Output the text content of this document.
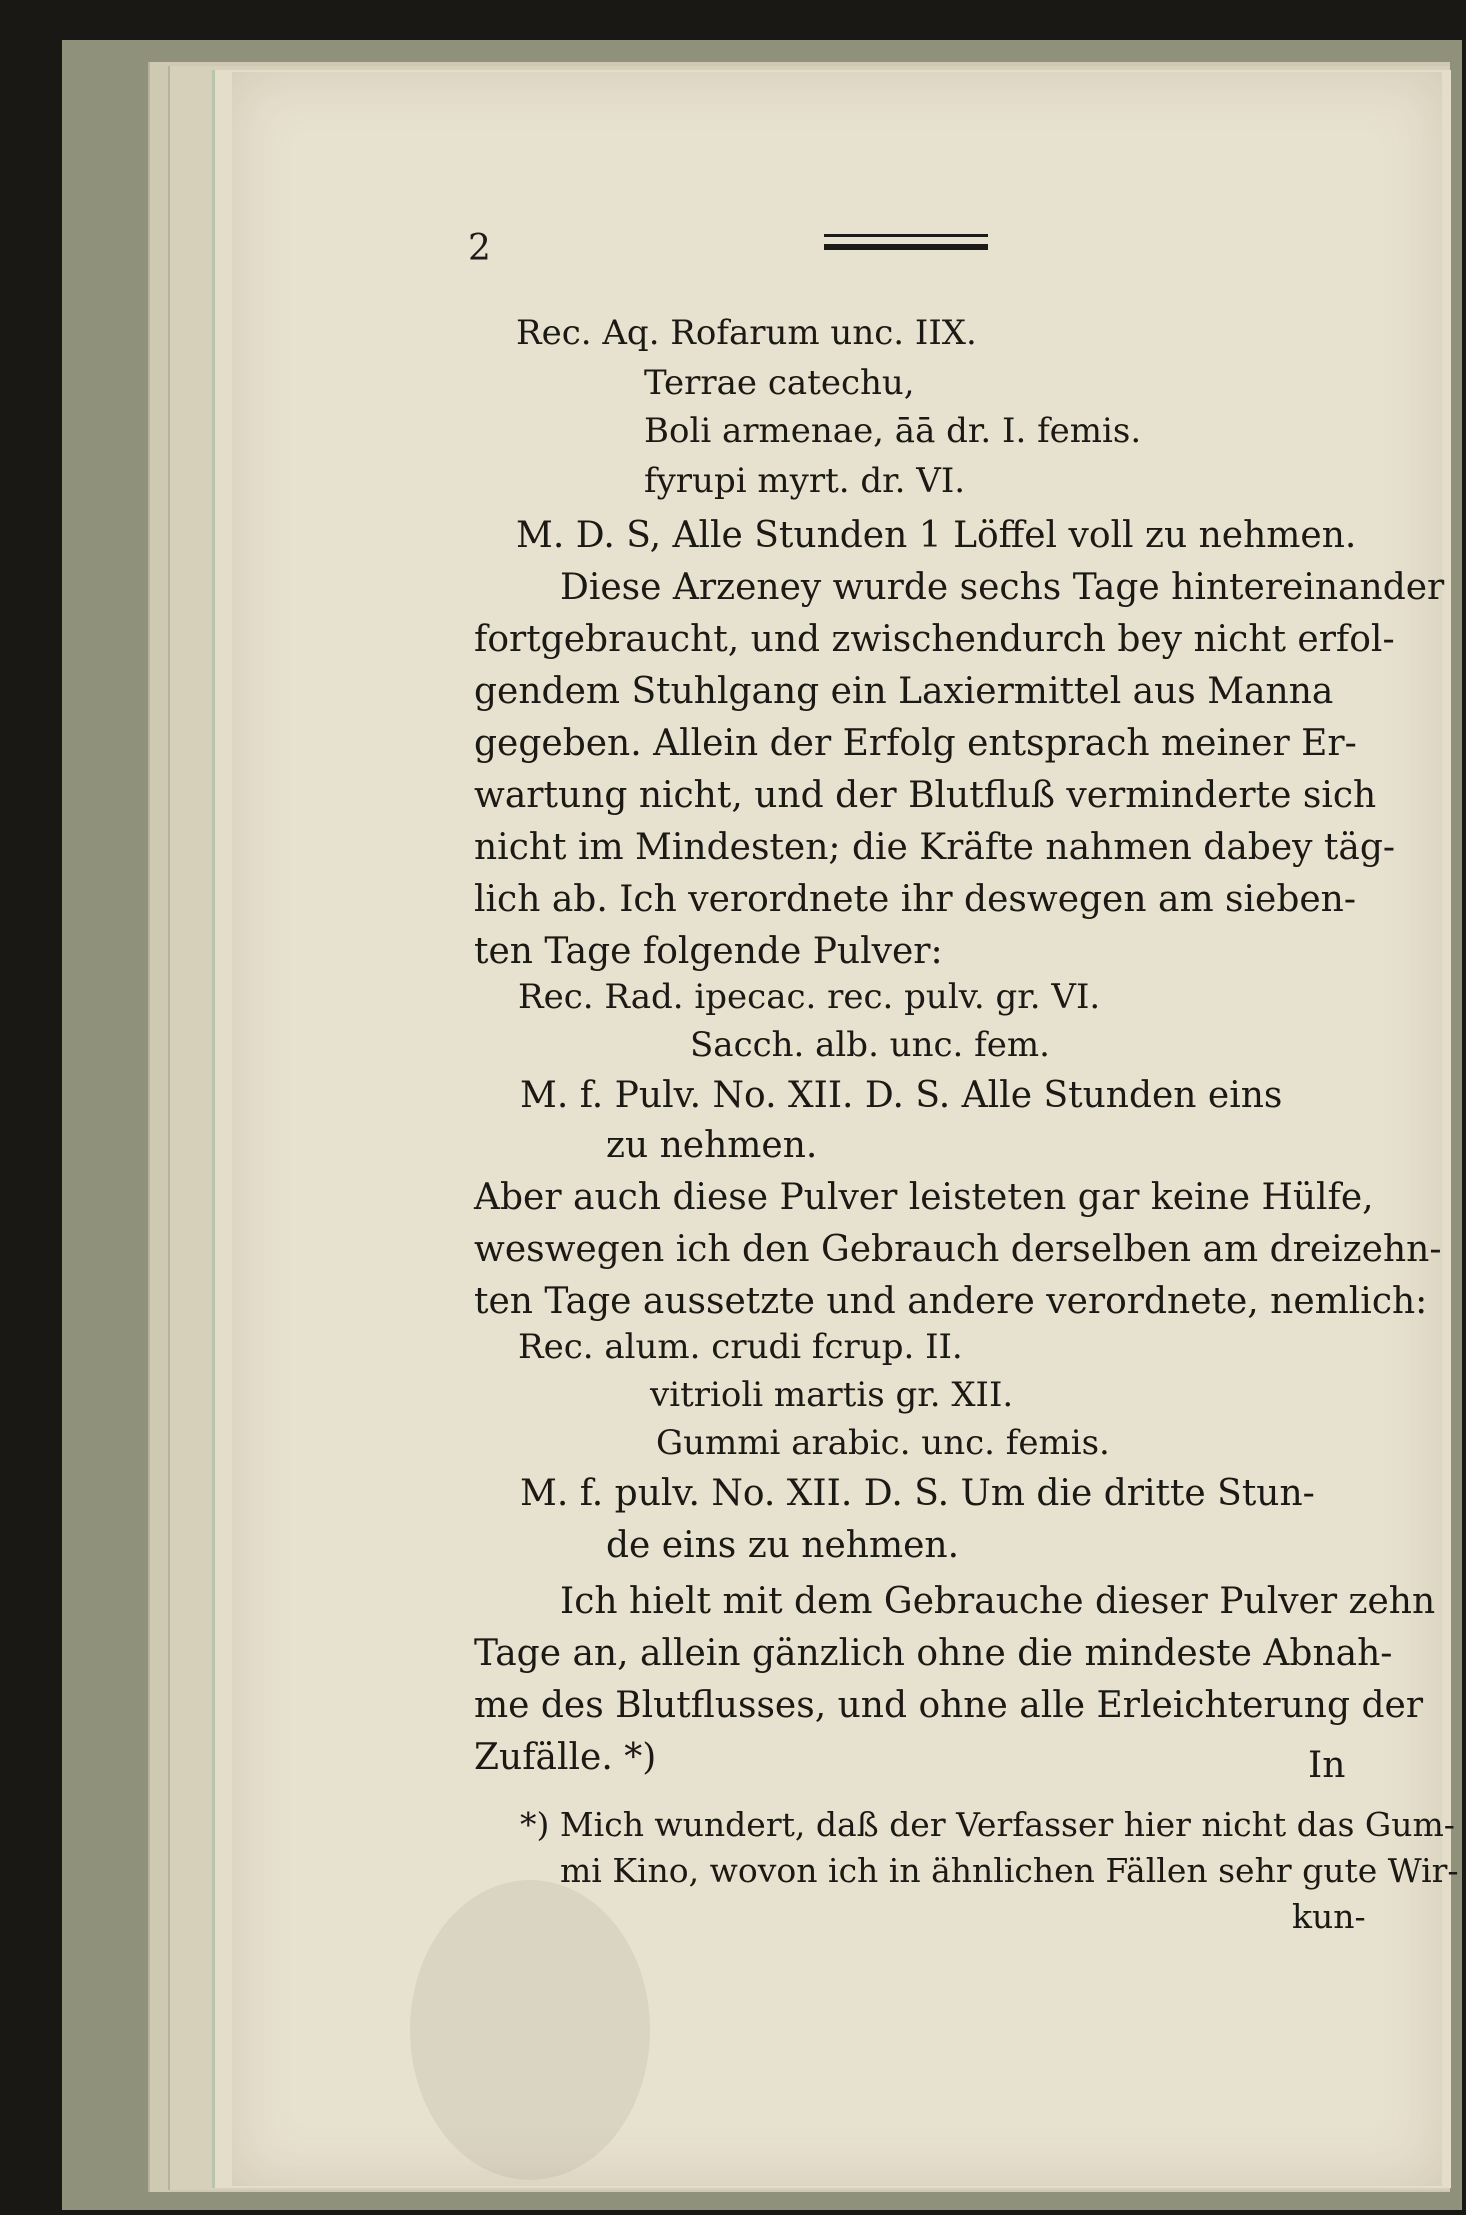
2
Rec. Aq. Rofarum unc. IIX.
Terrae catechu,
Boli armenae, āā dr. I. femis.
fyrupi myrt. dr. VI.
M. D. S, Alle Stunden 1 Löffel voll zu nehmen.
Diese Arzeney wurde sechs Tage hintereinander
fortgebraucht, und zwischendurch bey nicht erfol-
gendem Stuhlgang ein Laxiermittel aus Manna
gegeben. Allein der Erfolg entsprach meiner Er-
wartung nicht, und der Blutfluß verminderte sich
nicht im Mindesten; die Kräfte nahmen dabey täg-
lich ab. Ich verordnete ihr deswegen am sieben-
ten Tage folgende Pulver:
Rec. Rad. ipecac. rec. pulv. gr. VI.
Sacch. alb. unc. fem.
M. f. Pulv. No. XII. D. S. Alle Stunden eins
zu nehmen.
Aber auch diese Pulver leisteten gar keine Hülfe,
weswegen ich den Gebrauch derselben am dreizehn-
ten Tage aussetzte und andere verordnete, nemlich:
Rec. alum. crudi fcrup. II.
vitrioli martis gr. XII.
Gummi arabic. unc. femis.
M. f. pulv. No. XII. D. S. Um die dritte Stun-
de eins zu nehmen.
Ich hielt mit dem Gebrauche dieser Pulver zehn
Tage an, allein gänzlich ohne die mindeste Abnah-
me des Blutflusses, und ohne alle Erleichterung der
Zufälle. *)	In
*) Mich wundert, daß der Verfasser hier nicht das Gum-
mi Kino, wovon ich in ähnlichen Fällen sehr gute Wir-
kun-
